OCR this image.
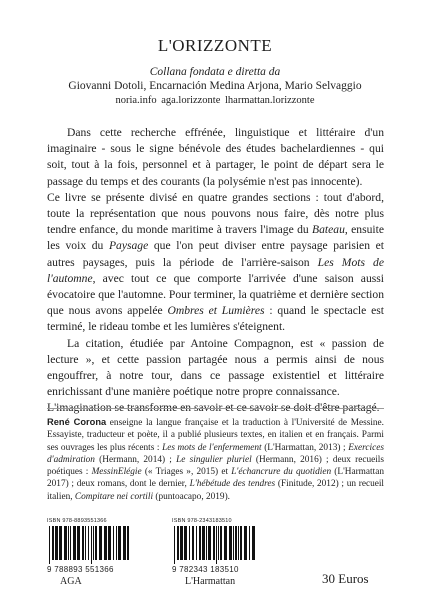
L'ORIZZONTE
Collana fondata e diretta da
Giovanni Dotoli, Encarnación Medina Arjona, Mario Selvaggio
noria.info aga.lorizzonte lharmattan.lorizzonte

Dans cette recherche effrénée, linguistique et littéraire d'un imaginaire - sous le signe bénévole des études bachelardiennes - qui soit, tout à la fois, personnel et à partager, le point de départ sera le passage du temps et des courants (la polysémie n'est pas innocente).

Ce livre se présente divisé en quatre grandes sections : tout d'abord, toute la représentation que nous pouvons nous faire, dès notre plus tendre enfance, du monde maritime à travers l'image du Bateau, ensuite les voix du Paysage que l'on peut diviser entre paysage parisien et autres paysages, puis la période de l'arrière-saison Les Mots de l'automne, avec tout ce que comporte l'arrivée d'une saison aussi évocatoire que l'automne. Pour terminer, la quatrième et dernière section que nous avons appelée Ombres et Lumières : quand le spectacle est terminé, le rideau tombe et les lumières s'éteignent.

La citation, étudiée par Antoine Compagnon, est « passion de lecture », et cette passion partagée nous a permis ainsi de nous engouffrer, à notre tour, dans ce passage existentiel et littéraire enrichissant d'une manière poétique notre propre connaissance.

L'imagination se transforme en savoir et ce savoir se doit d'être partagé.

René Corona enseigne la langue française et la traduction à l'Université de Messine. Essayiste, traducteur et poète, il a publié plusieurs textes, en italien et en français. Parmi ses ouvrages les plus récents : Les mots de l'enfermement (L'Harmattan, 2013) ; Exercices d'admiration (Hermann, 2014) ; Le singulier pluriel (Hermann, 2016) ; deux recueils poétiques : MessinElégie (« Triages », 2015) et L'échancrure du quotidien (L'Harmattan 2017) ; deux romans, dont le dernier, L'hébétude des tendres (Finitude, 2012) ; un recueil italien, Compitare nei cortili (puntoacapo, 2019).
ISBN 978-8893551366
9 788893 551366
AGA
ISBN 978-2343183510
9 782343 183510
L'Harmattan	30 Euros
